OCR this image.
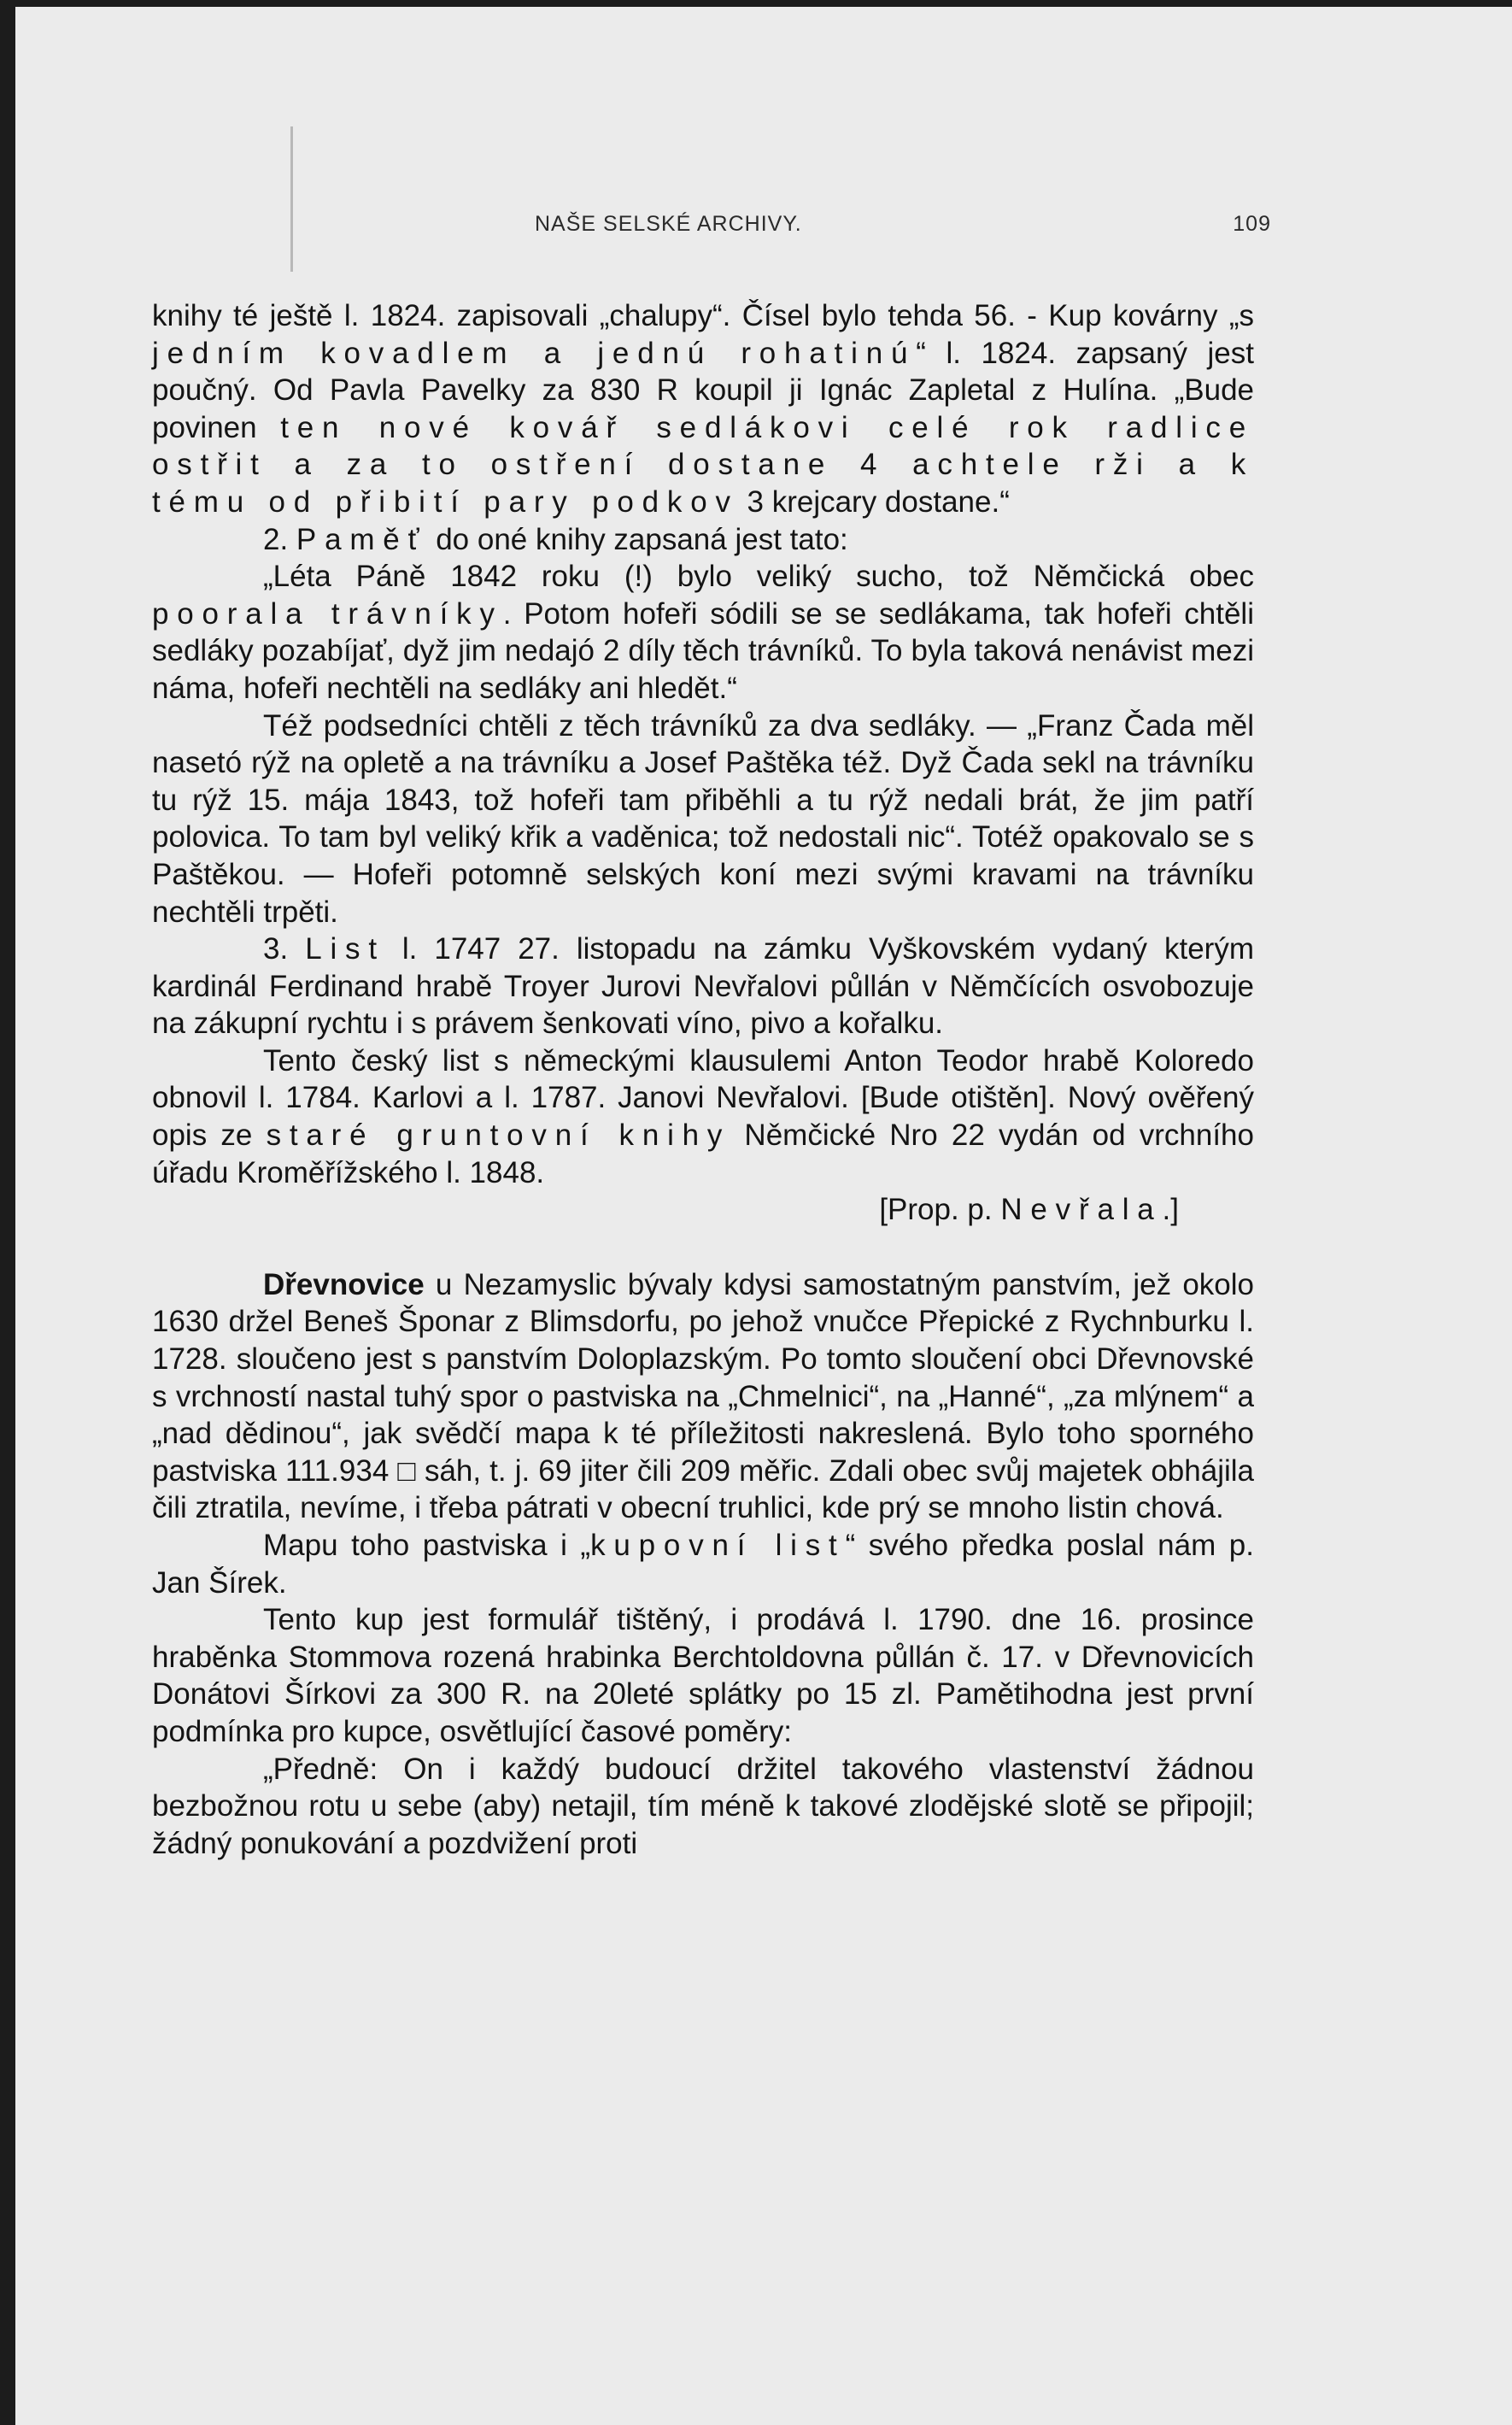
NAŠE SELSKÉ ARCHIVY.	109

knihy té ještě l. 1824. zapisovali „chalupy“. Čísel bylo tehda 56. - Kup kovárny „s jedním kovadlem a jednú rohatinú“ l. 1824. zapsaný jest poučný. Od Pavla Pavelky za 830 R koupil ji Ignác Zapletal z Hulína. „Bude povinen ten nové kovář sedlákovi celé rok radlice ostřit a za to ostření dostane 4 achtele rži a k tému od přibití pary podkov 3 krejcary dostane.“

2. Paměť do oné knihy zapsaná jest tato:

„Léta Páně 1842 roku (!) bylo veliký sucho, tož Němčická obec poorala trávníky. Potom hofeři sódili se se sedlákama, tak hofeři chtěli sedláky pozabíjať, dyž jim nedajó 2 díly těch trávníků. To byla taková nenávist mezi náma, hofeři nechtěli na sedláky ani hledět.“

Též podsedníci chtěli z těch trávníků za dva sedláky. — „Franz Čada měl nasetó rýž na opletě a na trávníku a Josef Paštěka též. Dyž Čada sekl na trávníku tu rýž 15. mája 1843, tož hofeři tam přiběhli a tu rýž nedali brát, že jim patří polovica. To tam byl veliký křik a vaděnica; tož nedostali nic“. Totéž opakovalo se s Paštěkou. — Hofeři potomně selských koní mezi svými kravami na trávníku nechtěli trpěti.

3. List l. 1747 27. listopadu na zámku Vyškovském vydaný kterým kardinál Ferdinand hrabě Troyer Jurovi Nevřalovi půllán v Němčících osvobozuje na zákupní rychtu i s právem šenkovati víno, pivo a kořalku.

Tento český list s německými klausulemi Anton Teodor hrabě Koloredo obnovil l. 1784. Karlovi a l. 1787. Janovi Nevřalovi. [Bude otištěn]. Nový ověřený opis ze staré gruntovní knihy Němčické Nro 22 vydán od vrchního úřadu Kroměřížského l. 1848.

[Prop. p. Nevřala.]

Dřevnovice u Nezamyslic bývaly kdysi samostatným panstvím, jež okolo 1630 držel Beneš Šponar z Blimsdorfu, po jehož vnučce Přepické z Rychnburku l. 1728. sloučeno jest s panstvím Doloplazským. Po tomto sloučení obci Dřevnovské s vrchností nastal tuhý spor o pastviska na „Chmelnici“, na „Hanné“, „za mlýnem“ a „nad dědinou“, jak svědčí mapa k té příležitosti nakreslená. Bylo toho sporného pastviska 111.934 □ sáh, t. j. 69 jiter čili 209 měřic. Zdali obec svůj majetek obhájila čili ztratila, nevíme, i třeba pátrati v obecní truhlici, kde prý se mnoho listin chová.

Mapu toho pastviska i „kupovní list“ svého předka poslal nám p. Jan Šírek.

Tento kup jest formulář tištěný, i prodává l. 1790. dne 16. prosince hraběnka Stommova rozená hrabinka Berchtoldovna půllán č. 17. v Dřevnovicích Donátovi Šírkovi za 300 R. na 20leté splátky po 15 zl. Pamětihodna jest první podmínka pro kupce, osvětlující časové poměry:

„Předně: On i každý budoucí držitel takového vlastenství žádnou bezbožnou rotu u sebe (aby) netajil, tím méně k takové zlodějské slotě se připojil; žádný ponukování a pozdvižení proti
